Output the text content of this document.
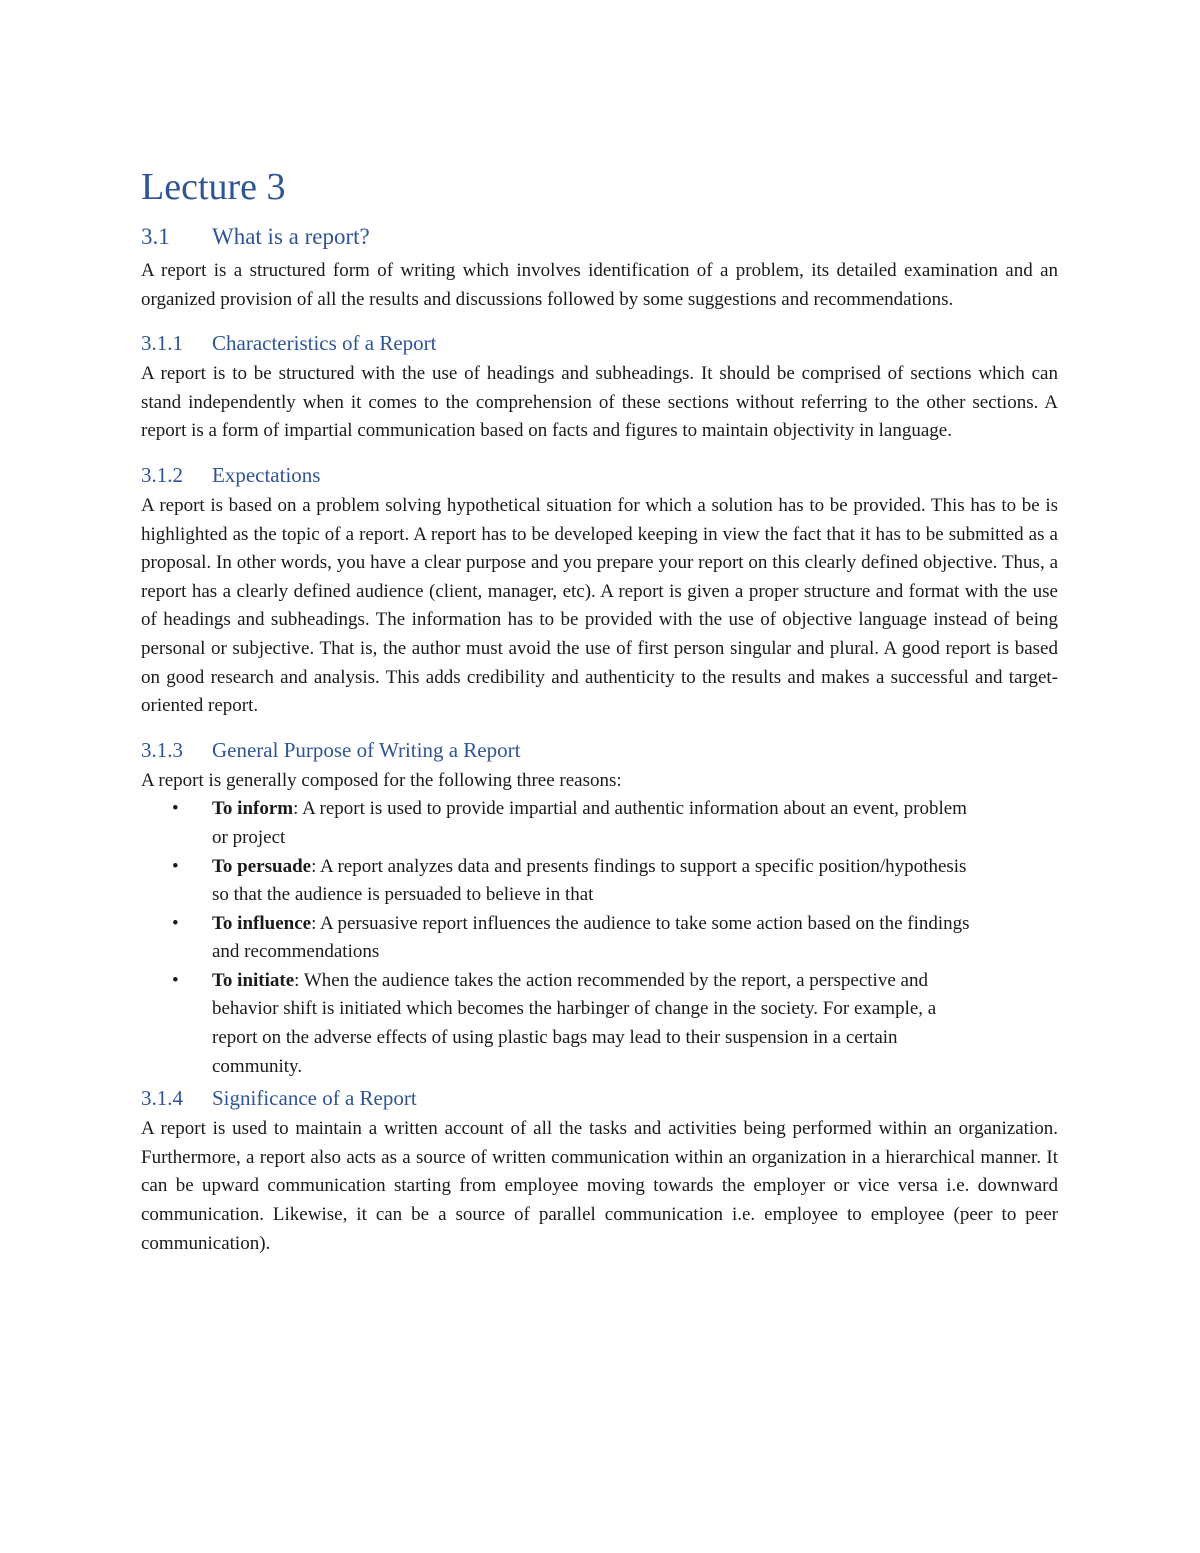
Lecture 3
3.1 What is a report?

A report is a structured form of writing which involves identification of a problem, its detailed examination and an organized provision of all the results and discussions followed by some suggestions and recommendations.

3.1.1 Characteristics of a Report

A report is to be structured with the use of headings and subheadings. It should be comprised of sections which can stand independently when it comes to the comprehension of these sections without referring to the other sections. A report is a form of impartial communication based on facts and figures to maintain objectivity in language.

3.1.2 Expectations

A report is based on a problem solving hypothetical situation for which a solution has to be provided. This has to be is highlighted as the topic of a report. A report has to be developed keeping in view the fact that it has to be submitted as a proposal. In other words, you have a clear purpose and you prepare your report on this clearly defined objective. Thus, a report has a clearly defined audience (client, manager, etc). A report is given a proper structure and format with the use of headings and subheadings. The information has to be provided with the use of objective language instead of being personal or subjective. That is, the author must avoid the use of first person singular and plural. A good report is based on good research and analysis. This adds credibility and authenticity to the results and makes a successful and target-oriented report.

3.1.3 General Purpose of Writing a Report

A report is generally composed for the following three reasons:

• To inform: A report is used to provide impartial and authentic information about an event, problem or project
• To persuade: A report analyzes data and presents findings to support a specific position/hypothesis so that the audience is persuaded to believe in that
• To influence: A persuasive report influences the audience to take some action based on the findings and recommendations
• To initiate: When the audience takes the action recommended by the report, a perspective and behavior shift is initiated which becomes the harbinger of change in the society. For example, a report on the adverse effects of using plastic bags may lead to their suspension in a certain community.
3.1.4 Significance of a Report

A report is used to maintain a written account of all the tasks and activities being performed within an organization. Furthermore, a report also acts as a source of written communication within an organization in a hierarchical manner. It can be upward communication starting from employee moving towards the employer or vice versa i.e. downward communication. Likewise, it can be a source of parallel communication i.e. employee to employee (peer to peer communication).
